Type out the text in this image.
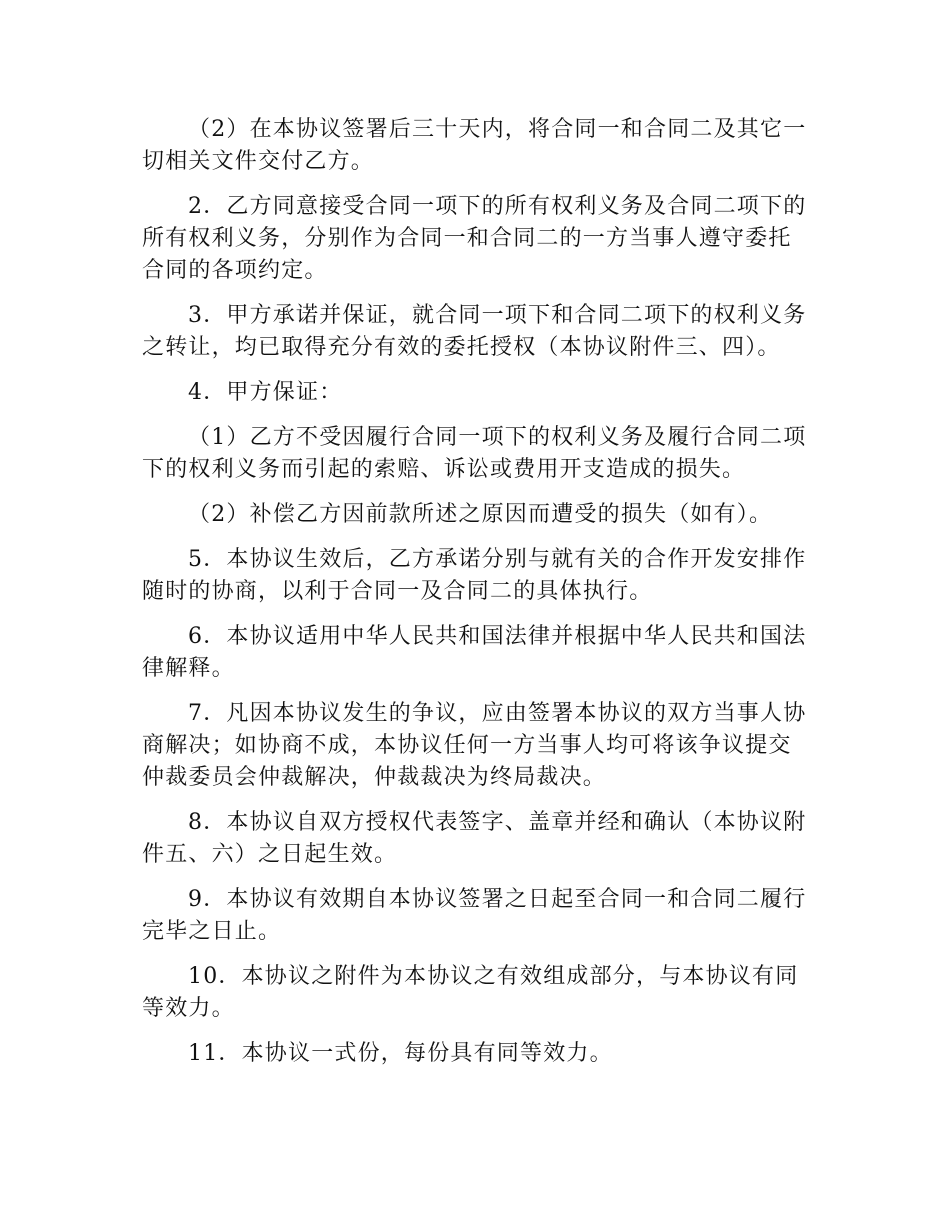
（2）在本协议签署后三十天内，将合同一和合同二及其它一切相关文件交付乙方。

2．乙方同意接受合同一项下的所有权利义务及合同二项下的所有权利义务，分别作为合同一和合同二的一方当事人遵守委托合同的各项约定。

3．甲方承诺并保证，就合同一项下和合同二项下的权利义务之转让，均已取得充分有效的委托授权（本协议附件三、四）。

4．甲方保证：

（1）乙方不受因履行合同一项下的权利义务及履行合同二项下的权利义务而引起的索赔、诉讼或费用开支造成的损失。

（2）补偿乙方因前款所述之原因而遭受的损失（如有）。

5．本协议生效后，乙方承诺分别与就有关的合作开发安排作随时的协商，以利于合同一及合同二的具体执行。

6．本协议适用中华人民共和国法律并根据中华人民共和国法律解释。

7．凡因本协议发生的争议，应由签署本协议的双方当事人协商解决；如协商不成，本协议任何一方当事人均可将该争议提交仲裁委员会仲裁解决，仲裁裁决为终局裁决。

8．本协议自双方授权代表签字、盖章并经和确认（本协议附件五、六）之日起生效。

9．本协议有效期自本协议签署之日起至合同一和合同二履行完毕之日止。

10．本协议之附件为本协议之有效组成部分，与本协议有同等效力。

11．本协议一式份，每份具有同等效力。
